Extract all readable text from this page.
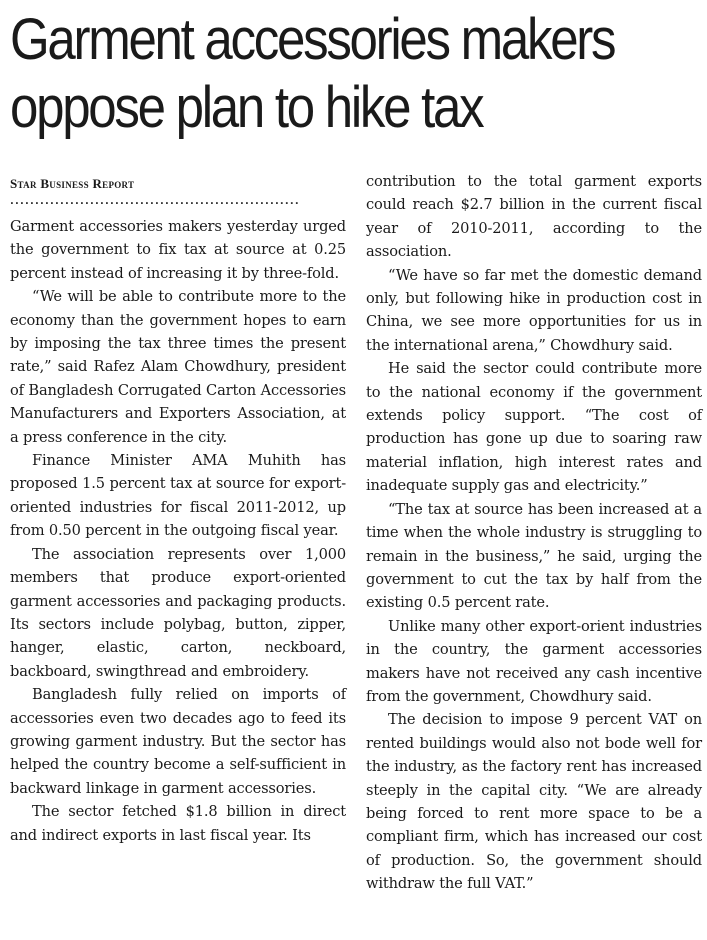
Garment accessories makers
oppose plan to hike tax
Star Business Report
..........................................................

Garment accessories makers yesterday urged the government to fix tax at source at 0.25 percent instead of increasing it by three-fold.

“We will be able to contribute more to the economy than the government hopes to earn by imposing the tax three times the present rate,” said Rafez Alam Chowdhury, president of Bangladesh Corrugated Carton Accessories Manufacturers and Exporters Association, at a press conference in the city.

Finance Minister AMA Muhith has proposed 1.5 percent tax at source for export-oriented industries for fiscal 2011-2012, up from 0.50 percent in the outgoing fiscal year.

The association represents over 1,000 members that produce export-oriented garment accessories and packaging products. Its sectors include polybag, button, zipper, hanger, elastic, carton, neckboard, backboard, swingthread and embroidery.

Bangladesh fully relied on imports of accessories even two decades ago to feed its growing garment industry. But the sector has helped the country become a self-sufficient in backward linkage in garment accessories.

The sector fetched $1.8 billion in direct and indirect exports in last fiscal year. Its

contribution to the total garment exports could reach $2.7 billion in the current fiscal year of 2010-2011, according to the association.

“We have so far met the domestic demand only, but following hike in production cost in China, we see more opportunities for us in the international arena,” Chowdhury said.

He said the sector could contribute more to the national economy if the government extends policy support. “The cost of production has gone up due to soaring raw material inflation, high interest rates and inadequate supply gas and electricity.”

“The tax at source has been increased at a time when the whole industry is struggling to remain in the business,” he said, urging the government to cut the tax by half from the existing 0.5 percent rate.

Unlike many other export-orient industries in the country, the garment accessories makers have not received any cash incentive from the government, Chowdhury said.

The decision to impose 9 percent VAT on rented buildings would also not bode well for the industry, as the factory rent has increased steeply in the capital city. “We are already being forced to rent more space to be a compliant firm, which has increased our cost of production. So, the government should withdraw the full VAT.”
